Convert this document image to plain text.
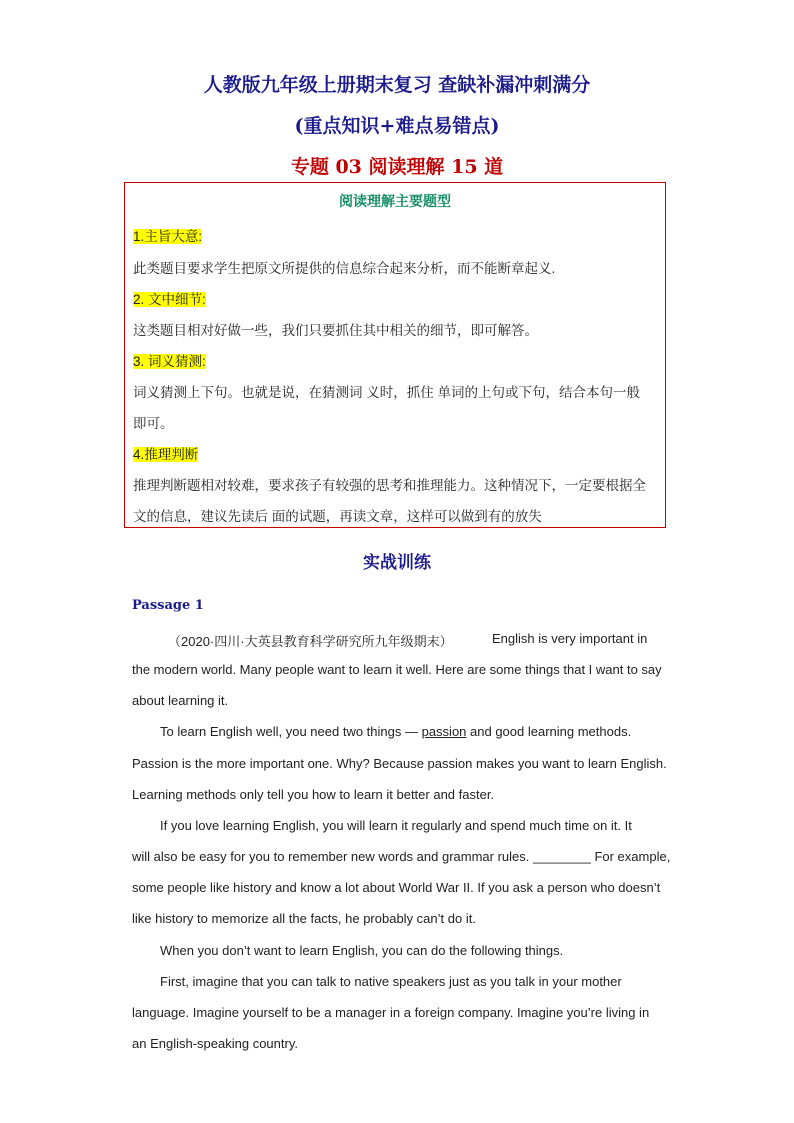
人教版九年级上册期末复习 查缺补漏冲刺满分
(重点知识+难点易错点)
专题 03 阅读理解 15 道
阅读理解主要题型
1.主旨大意:
此类题目要求学生把原文所提供的信息综合起来分析，而不能断章起义.
2. 文中细节:
这类题目相对好做一些，我们只要抓住其中相关的细节，即可解答。
3. 词义猜测:
词义猜测上下句。也就是说，在猜测词 义时，抓住 单词的上句或下句，结合本句一般
即可。
4.推理判断
推理判断题相对较难，要求孩子有较强的思考和推理能力。这种情况下，一定要根据全
文的信息，建议先读后 面的试题，再读文章，这样可以做到有的放失
实战训练
Passage 1
（2020·四川·大英县教育科学研究所九年级期末）	English is very important in
the modern world. Many people want to learn it well. Here are some things that I want to say
about learning it.
To learn English well, you need two things — passion and good learning methods.
Passion is the more important one. Why? Because passion makes you want to learn English.
Learning methods only tell you how to learn it better and faster.
If you love learning English, you will learn it regularly and spend much time on it. It
will also be easy for you to remember new words and grammar rules. ________ For example,
some people like history and know a lot about World War II. If you ask a person who doesn’t
like history to memorize all the facts, he probably can’t do it.
When you don’t want to learn English, you can do the following things.
First, imagine that you can talk to native speakers just as you talk in your mother
language. Imagine yourself to be a manager in a foreign company. Imagine you’re living in
an English-speaking country.
